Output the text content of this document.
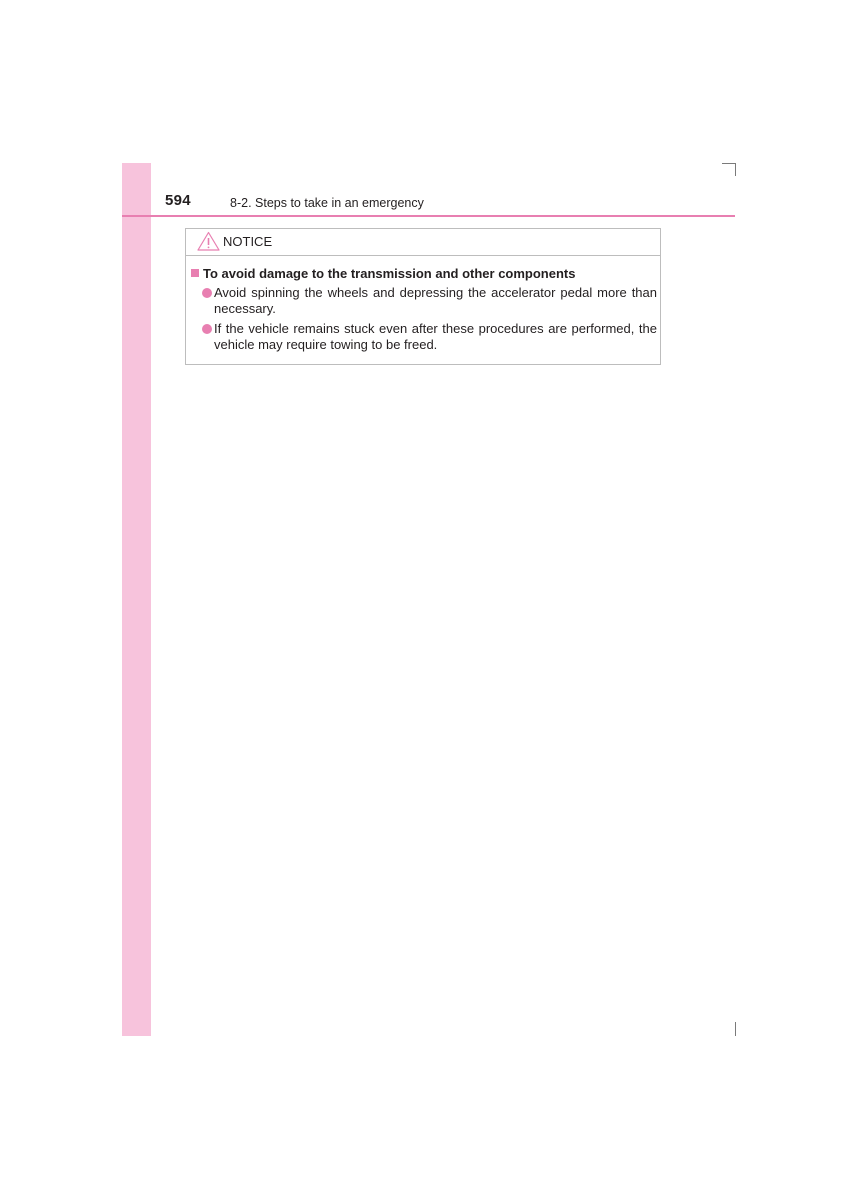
594	8-2. Steps to take in an emergency
NOTICE
To avoid damage to the transmission and other components
Avoid spinning the wheels and depressing the accelerator pedal more than necessary.
If the vehicle remains stuck even after these procedures are performed, the vehicle may require towing to be freed.
